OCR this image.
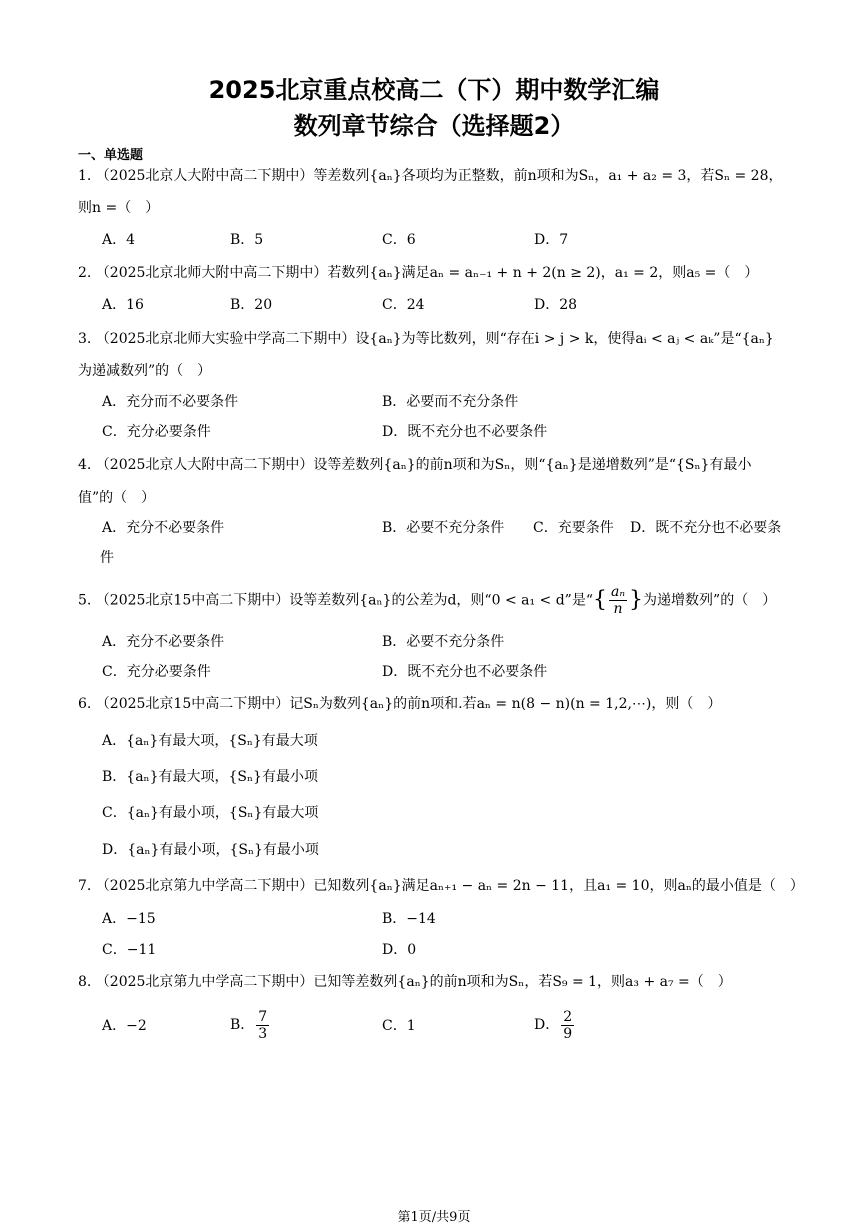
2025北京重点校高二（下）期中数学汇编
数列章节综合（选择题2）
一、单选题
1. （2025北京人大附中高二下期中）等差数列{aₙ}各项均为正整数，前n项和为Sₙ，a₁ + a₂ = 3，若Sₙ = 28，
则n =（　）
A．4	B．5	C．6	D．7
2. （2025北京北师大附中高二下期中）若数列{aₙ}满足aₙ = aₙ₋₁ + n + 2(n ≥ 2)，a₁ = 2，则a₅ =（　）
A．16	B．20	C．24	D．28
3. （2025北京北师大实验中学高二下期中）设{aₙ}为等比数列，则“存在i > j > k，使得aᵢ < aⱼ < aₖ”是“{aₙ}
为递减数列”的（　）
A．充分而不必要条件	B．必要而不充分条件
C．充分必要条件	D．既不充分也不必要条件
4. （2025北京人大附中高二下期中）设等差数列{aₙ}的前n项和为Sₙ，则“{aₙ}是递增数列”是“{Sₙ}有最小
值”的（　）
A．充分不必要条件	B．必要不充分条件 C．充要条件 D．既不充分也不必要条
件
5. （2025北京15中高二下期中）设等差数列{aₙ}的公差为d，则“0 < a₁ < d”是“{ $\frac{\text{aₙ}}{n}$ }为递增数列”的（　）
A．充分不必要条件	B．必要不充分条件
C．充分必要条件	D．既不充分也不必要条件
6. （2025北京15中高二下期中）记Sₙ为数列{aₙ}的前n项和.若aₙ = n(8 − n)(n = 1,2,⋯)，则（　）
A．{aₙ}有最大项，{Sₙ}有最大项
B．{aₙ}有最大项，{Sₙ}有最小项
C．{aₙ}有最小项，{Sₙ}有最大项
D．{aₙ}有最小项，{Sₙ}有最小项
7. （2025北京第九中学高二下期中）已知数列{aₙ}满足aₙ₊₁ − aₙ = 2n − 11，且a₁ = 10，则aₙ的最小值是（　）
A．−15	B．−14
C．−11	D．0
8. （2025北京第九中学高二下期中）已知等差数列{aₙ}的前n项和为Sₙ，若S₉ = 1，则a₃ + a₇ =（　）
A．−2	B． $\frac{7}{3}$	C．1	D． $\frac{2}{9}$
第1页/共9页
